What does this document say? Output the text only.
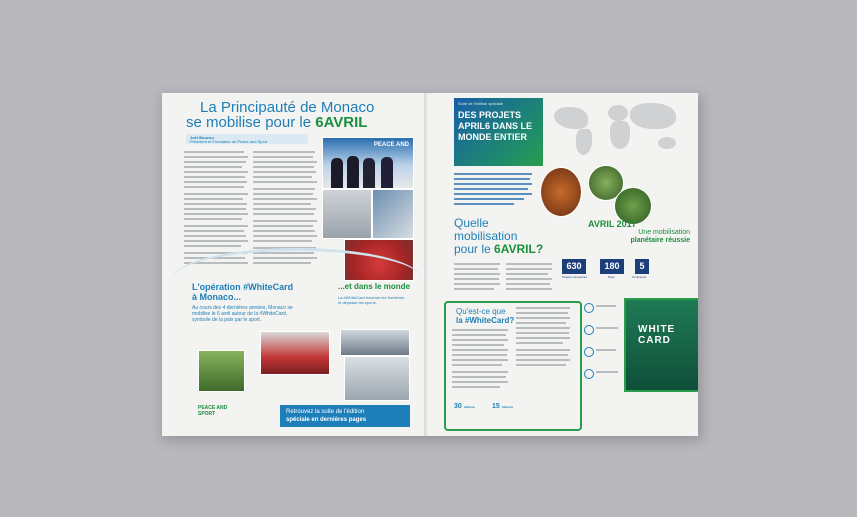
La Principauté de Monaco
se mobilise pour le 6AVRIL
Joël Bouzou
Président et Fondateur de Peace and Sport
PEACE AND
L'opération #WhiteCard
à Monaco...
Au cours des 4 dernières années, Monaco se mobilise le 6 avril autour de la #WhiteCard, symbole de la paix par le sport.
...et dans le monde
La #WhiteCard traverse les frontières et dépasse les sports.
PEACE AND SPORT	Retrouvez la suite de l'édition
spéciale en dernières pages
Suite de l'édition spéciale
DES PROJETS APRIL6 DANS LE MONDE ENTIER
Quelle
mobilisation
pour le 6AVRIL?
AVRIL 2017
Une mobilisation
planétaire réussie
630
Projets enregistrés
180
Pays
5
Continents
Qu'est-ce que
la #WhiteCard?
30 millions 15 millions
WHITE
CARD
